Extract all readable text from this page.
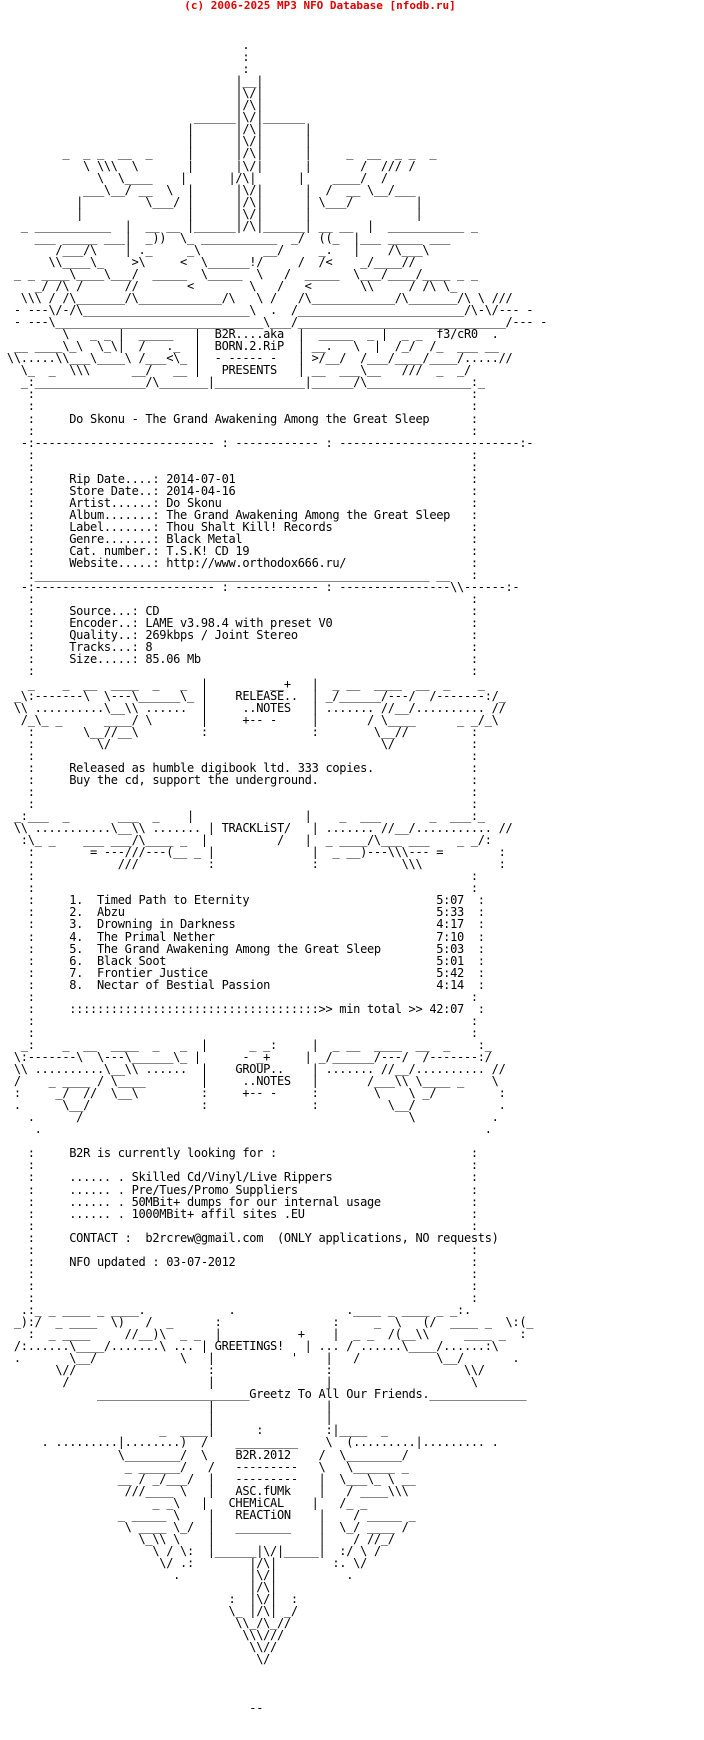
(c) 2006-2025 MP3 NFO Database [nfodb.ru]

.
:
:
|__|
|\/|
|/\|
______|\/|______
|      |/\|      |
|      |\/|      |
_  _ _  __  _     |      |/\|      |     _  __  _ _  _
\ \\\  \       |      |\/|      |       /  /// /
\  \____    |      |/\|      |    ____/  /
___\__/ __  \  |      |\/|      |  /  __ \__/___
|         \___/ |      |/\|      | \___/         |
|               |      |\/|      |               |
_ ___________  |  __ __ |______|/\|______| __ __  |  ___________ _
___ _____ ___|  _))  \_ ___________  _/  ((_  |___ _____ ___
/___/\    | ._     _\         __/     _.   |    /\___\
\\____\_    >\     <  \______!/     /  /<    _/____//
_ _ ____\____\___/  _____  \_____  \   /  _____  \___/____/____ _ _
_/ /\ /      //       <        \   /   <       \\     / /\ \_
\\\ / /\_______/\____________/\   \ /   /\____________/\_______/\ \ ///
- ---\/-/\________________________\  .  /________________________/\-\/--- -
- ---\______________________________\___/______________________________/--- -
\   _ _ |  _____   |  B2R....aka  |  _____  _ |  _ _  f3/cR0  .
__ ____\_\  \_\|  /   ._  |  BORN.2.RiP  | __.   \  |  /_/  /_  ___ __
\\.....\\___\____\ /___<\_ |  - ----- -   | >/__/  /___/____/____/.....//
\_  _  \\\      __/   __ |   PRESENTS   | __  ___\__   ///  _  _/
_:________________/\_______|_____________|______/\_______________:_
:                                                               :
:                                                               :
:     Do Skonu - The Grand Awakening Among the Great Sleep      :
:                                                               :
-:-------------------------- : ------------ : --------------------------:-
:                                                               :
:                                                               :
:     Rip Date....: 2014-07-01                                  :
:     Store Date..: 2014-04-16                                  :
:     Artist......: Do Skonu                                    :
:     Album.......: The Grand Awakening Among the Great Sleep   :
:     Label.......: Thou Shalt Kill! Records                    :
:     Genre.......: Black Metal                                 :
:     Cat. number.: T.S.K! CD 19                                :
:     Website.....: http://www.orthodox666.ru/                  :
:_________________________________________________________ __   :
-:-------------------------- : ------------ : ----------------\\------:-
:                                                               :
:     Source...: CD                                             :
:     Encoder..: LAME v3.98.4 with preset V0                    :
:     Quality..: 269kbps / Joint Stereo                         :
:     Tracks...: 8                                              :
:     Size.....: 85.06 Mb                                       :
:                                                               :
_    _  __  ____  _   _  |       _ __+   |  _ __  ____  __  _    _
_\:-------\  \---\______\_ |    RELEASE..  | _/______/---/  /-------:/_
\\ ..........\__\\ ......  |     ..NOTES   | ....... //__/.......... //
/_\_ _      ____/ \       |     +-- -     |       / \____      _ _/_\
:       \__//__\         :               :        \__//         :
:         \/                                       \/           :
:                                                               :
:     Released as humble digibook ltd. 333 copies.              :
:     Buy the cd, support the underground.                      :
:                                                               :
:                                                               :
_:___  _       ___  _    |                |    _  ___       _  ___:_
\\ ...........\__\\ ....... | TRACKLiST/   | ....... //__/........... //
:\_ _    ___ ___/\____ _  |          /   |  _ ____/\___ ___    _ _/:
:        = ---///---(__ _ |              |  _ __)---\\\--- =        :
:            ///          :              :            \\\           :
:                                                               :
:                                                               :
:     1.  Timed Path to Eternity                           5:07  :
:     2.  Abzu                                             5:33  :
:     3.  Drowning in Darkness                             4:17  :
:     4.  The Primal Nether                                7:10  :
:     5.  The Grand Awakening Among the Great Sleep        5:03  :
:     6.  Black Soot                                       5:01  :
:     7.  Frontier Justice                                 5:42  :
:     8.  Nectar of Bestial Passion                        4:14  :
:                                                               :
:     ::::::::::::::::::::::::::::::::::::>> min total >> 42:07  :
:                                                               :
:                                                               :
_:    _  __  ____  _   _  |      _ _:     |  _ __  ____  __  _    :_
\:-------\  \---\______\_ |      - _+     | _/______/---/  /-------:/
\\ ..........\__\\ ......  |    GROUP..    | ....... //__/.......... //
/    _ ____ / \____        |     ..NOTES   |       /___\\ \____ _    \
:     _/  //  \__\         :     +-- -     :        \    \ _/         :
.      \__/                :               :          \__/            .
.      /                                               \           .
.                                                                .

:     B2R is currently looking for :                            :
:                                                               :
:     ...... . Skilled Cd/Vinyl/Live Rippers                    :
:     ...... . Pre/Tues/Promo Suppliers                         :
:     ...... . 50MBit+ dumps for our internal usage             :
:     ...... . 1000MBit+ affil sites .EU                        :
:                                                               :
:     CONTACT :  b2rcrew@gmail.com  (ONLY applications, NO requests)
:                                                               :
:     NFO updated : 03-07-2012                                  :
:                                                               :
:                                                               :
:                                                               :
.:_ _ ____ _ ____.            .                .____ _ ____ _ _:.
_):/  _ ____  \)   /  _      :                :     _  \   (/  ____ _  \:(_
:  _ ____     //__)\  _ _  |           +    |  _ _  /(__\\     ____ _  :
/:......\____/.......\ ... | GREETINGS!   | ... / ......\____/......:\
.       \__/            \   |           '    |   /           \__/       .
\//                   :                :                   \\/
/                    |                |                    \
______________________Greetz To All Our Friends.______________
|                |
|                |
_  ____|      :         :|____  _
. .........|........)  /    _________    \  (.........|......... .
\________/  \    B2R.2012    /  \________/
_ ______/   /   ---------   \   \______ _
__ / _/___/  |   ---------   |  \___\_ \ __
///____ \   |   ASC.fUMk    |   / ____\\\
_ _\   |   CHEMiCAL    |   /_ _
_ _____ \    |   REACTiON    |    / _____ _
\ ____ \_/  |   ________    |  \_/ ____ /
\_\\ \    |               |    / //_/
\ / \:  |______|\/|_____|  :/ \ /
\/ .:        |/\|        :. \/
.          |\/|          .
|/\|
:  |\/|  :
\_ |/\| _/
\\_/\_//
\\\///
\\//
\/

--
